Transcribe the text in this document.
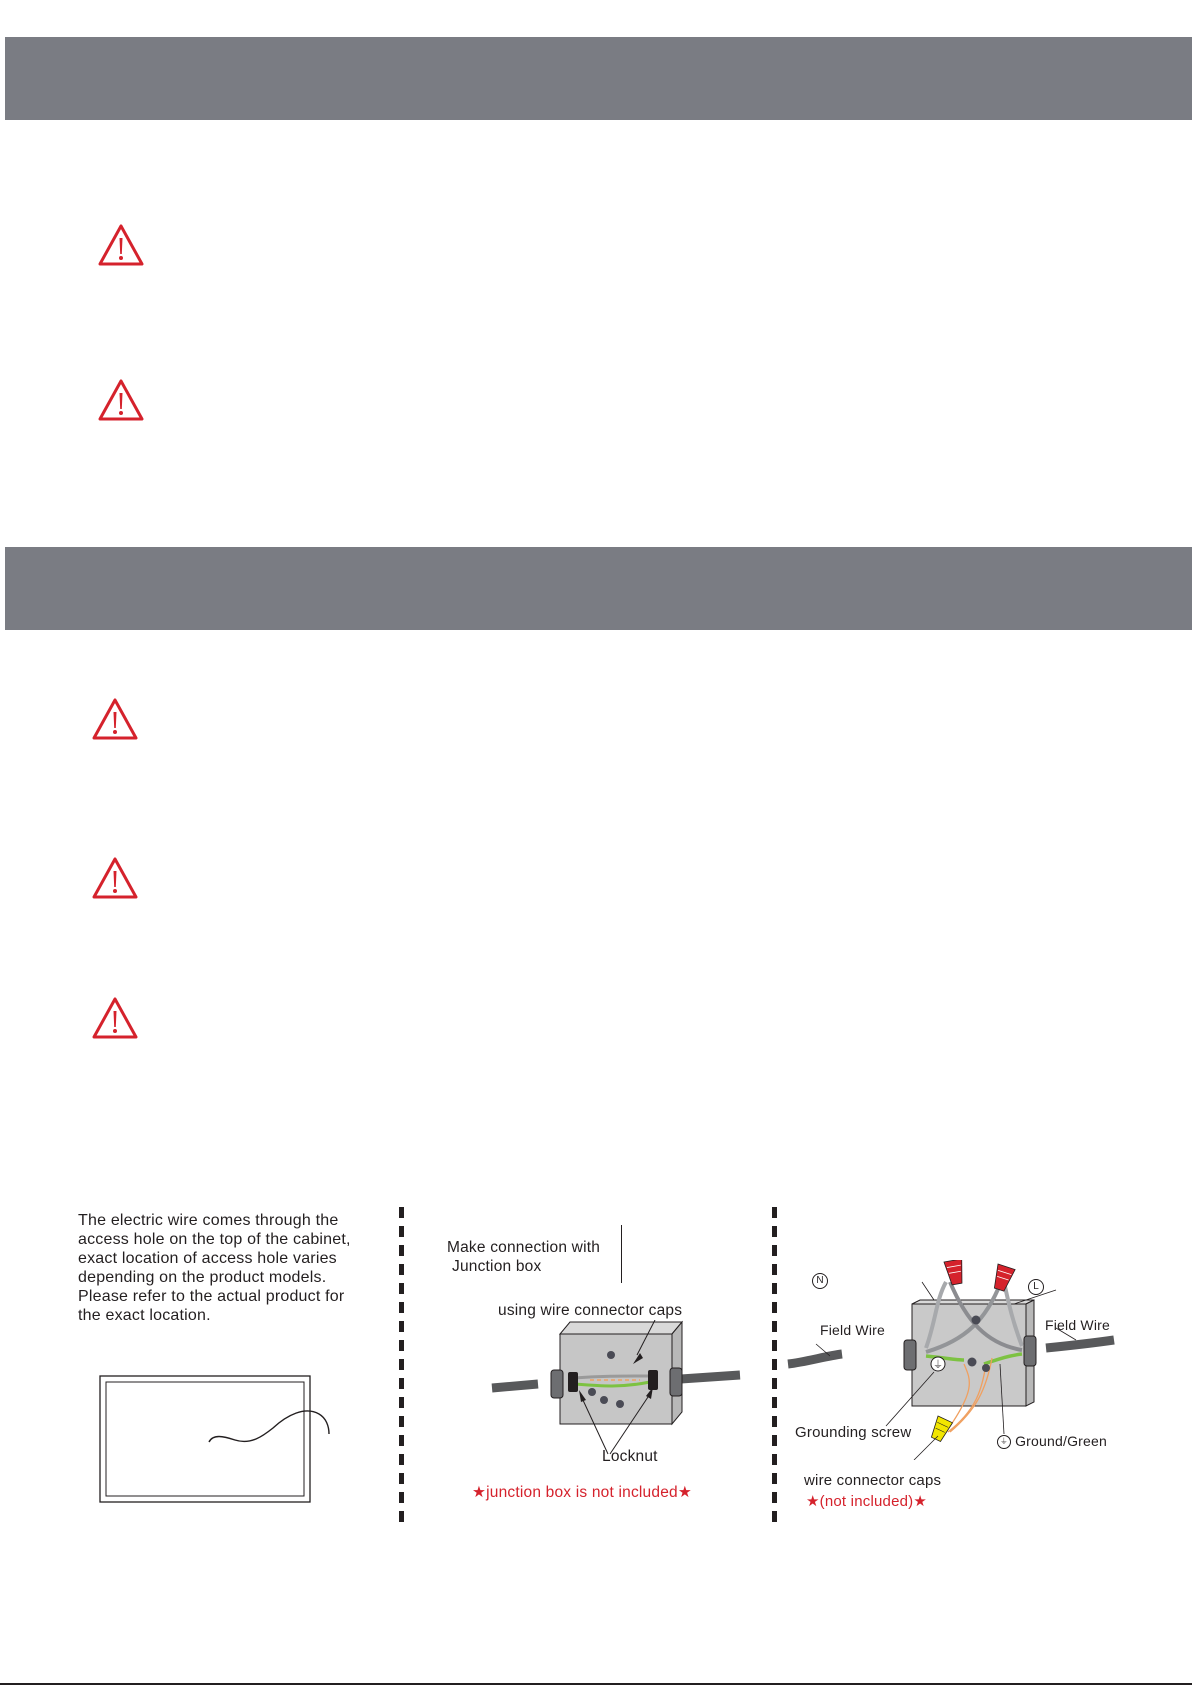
The electric wire comes through the
access hole on the top of the cabinet,
exact location of access hole varies
depending on the product models.
Please refer to the actual product for
the exact location.
Make connection with
Junction box
using wire connector caps
Locknut
★junction box is not included★
⏚
N
L
Field Wire	Field Wire
Grounding screw
⏚ Ground/Green
wire connector caps
★(not included)★
